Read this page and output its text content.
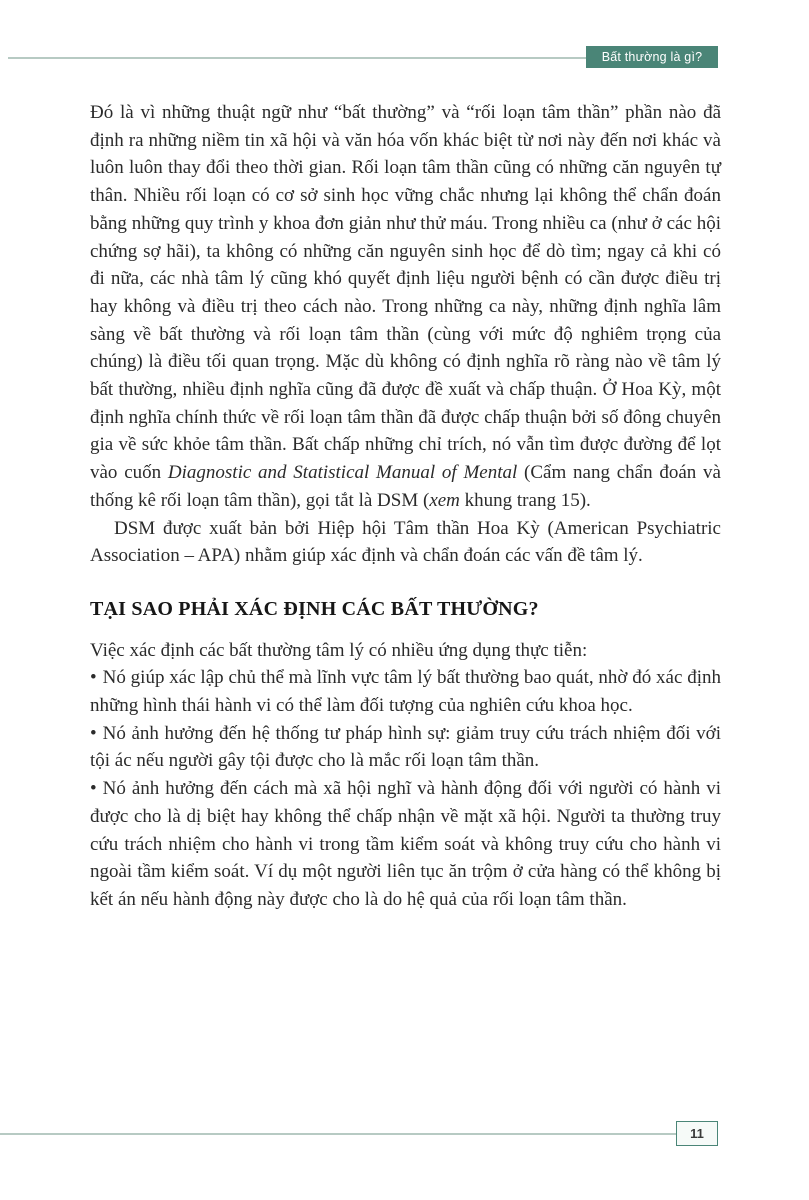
Bất thường là gì?

Đó là vì những thuật ngữ như “bất thường” và “rối loạn tâm thần” phần nào đã định ra những niềm tin xã hội và văn hóa vốn khác biệt từ nơi này đến nơi khác và luôn luôn thay đổi theo thời gian. Rối loạn tâm thần cũng có những căn nguyên tự thân. Nhiều rối loạn có cơ sở sinh học vững chắc nhưng lại không thể chẩn đoán bằng những quy trình y khoa đơn giản như thử máu. Trong nhiều ca (như ở các hội chứng sợ hãi), ta không có những căn nguyên sinh học để dò tìm; ngay cả khi có đi nữa, các nhà tâm lý cũng khó quyết định liệu người bệnh có cần được điều trị hay không và điều trị theo cách nào. Trong những ca này, những định nghĩa lâm sàng về bất thường và rối loạn tâm thần (cùng với mức độ nghiêm trọng của chúng) là điều tối quan trọng. Mặc dù không có định nghĩa rõ ràng nào về tâm lý bất thường, nhiều định nghĩa cũng đã được đề xuất và chấp thuận. Ở Hoa Kỳ, một định nghĩa chính thức về rối loạn tâm thần đã được chấp thuận bởi số đông chuyên gia về sức khỏe tâm thần. Bất chấp những chỉ trích, nó vẫn tìm được đường để lọt vào cuốn Diagnostic and Statistical Manual of Mental (Cẩm nang chẩn đoán và thống kê rối loạn tâm thần), gọi tắt là DSM (xem khung trang 15).

DSM được xuất bản bởi Hiệp hội Tâm thần Hoa Kỳ (American Psychiatric Association – APA) nhằm giúp xác định và chẩn đoán các vấn đề tâm lý.

TẠI SAO PHẢI XÁC ĐỊNH CÁC BẤT THƯỜNG?

Việc xác định các bất thường tâm lý có nhiều ứng dụng thực tiễn:

• Nó giúp xác lập chủ thể mà lĩnh vực tâm lý bất thường bao quát, nhờ đó xác định những hình thái hành vi có thể làm đối tượng của nghiên cứu khoa học.

• Nó ảnh hưởng đến hệ thống tư pháp hình sự: giảm truy cứu trách nhiệm đối với tội ác nếu người gây tội được cho là mắc rối loạn tâm thần.

• Nó ảnh hưởng đến cách mà xã hội nghĩ và hành động đối với người có hành vi được cho là dị biệt hay không thể chấp nhận về mặt xã hội. Người ta thường truy cứu trách nhiệm cho hành vi trong tầm kiểm soát và không truy cứu cho hành vi ngoài tầm kiểm soát. Ví dụ một người liên tục ăn trộm ở cửa hàng có thể không bị kết án nếu hành động này được cho là do hệ quả của rối loạn tâm thần.

11
